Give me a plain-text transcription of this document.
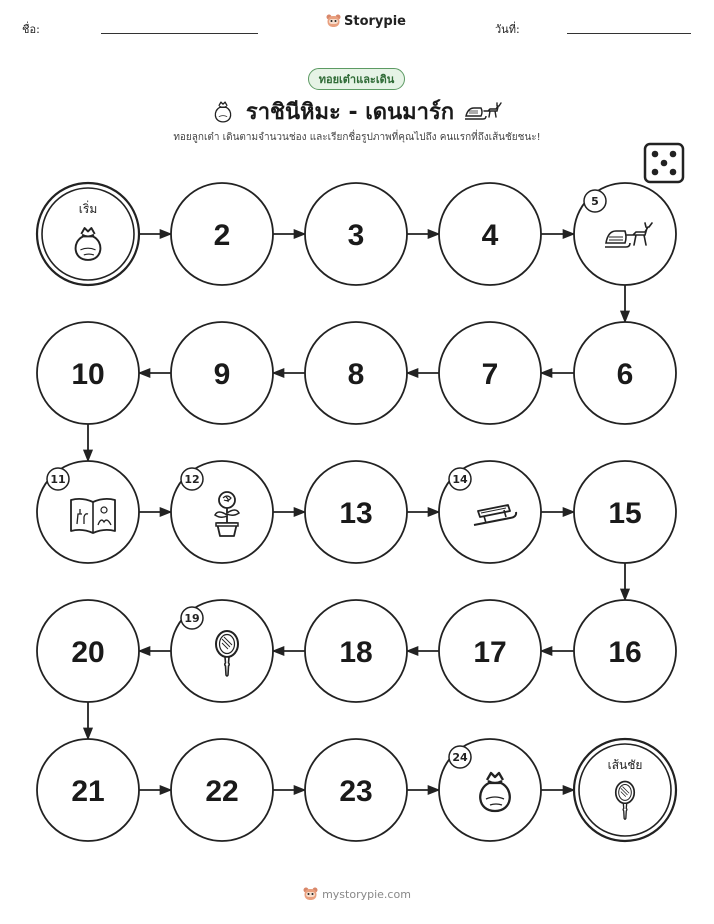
ชื่อ:
Storypie
วันที่:
ทอยเต๋าและเดิน
ราชินีหิมะ - เดนมาร์ก
ทอยลูกเต๋า เดินตามจำนวนช่อง และเรียกชื่อรูปภาพที่คุณไปถึง คนแรกที่ถึงเส้นชัยชนะ!
เริ่ม
2	3	4
5
6
7
8
9
10
11	12
13
14
15
16
17
18
19
20
21	22	23
24
เส้นชัย
mystorypie.com
